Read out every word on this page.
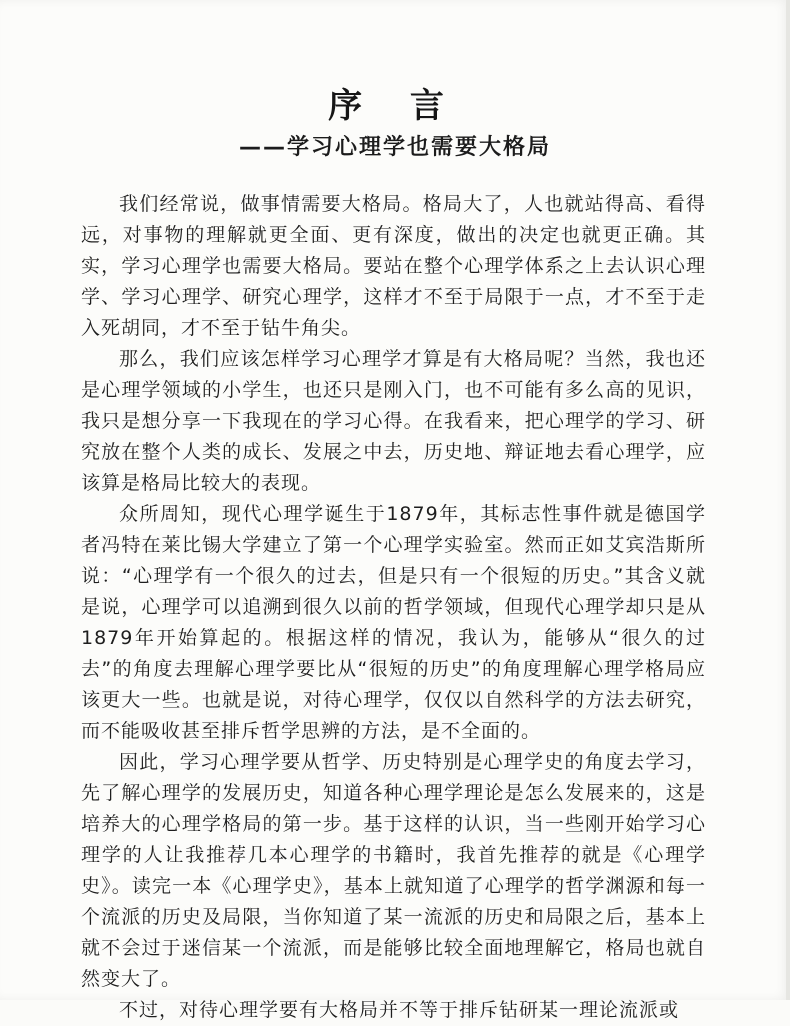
序 言
——学习心理学也需要大格局

我们经常说，做事情需要大格局。格局大了，人也就站得高、看得远，对事物的理解就更全面、更有深度，做出的决定也就更正确。其实，学习心理学也需要大格局。要站在整个心理学体系之上去认识心理学、学习心理学、研究心理学，这样才不至于局限于一点，才不至于走入死胡同，才不至于钻牛角尖。

那么，我们应该怎样学习心理学才算是有大格局呢？当然，我也还是心理学领域的小学生，也还只是刚入门，也不可能有多么高的见识，我只是想分享一下我现在的学习心得。在我看来，把心理学的学习、研究放在整个人类的成长、发展之中去，历史地、辩证地去看心理学，应该算是格局比较大的表现。

众所周知，现代心理学诞生于1879年，其标志性事件就是德国学者冯特在莱比锡大学建立了第一个心理学实验室。然而正如艾宾浩斯所说：“心理学有一个很久的过去，但是只有一个很短的历史。”其含义就是说，心理学可以追溯到很久以前的哲学领域，但现代心理学却只是从1879年开始算起的。根据这样的情况，我认为，能够从“很久的过去”的角度去理解心理学要比从“很短的历史”的角度理解心理学格局应该更大一些。也就是说，对待心理学，仅仅以自然科学的方法去研究，而不能吸收甚至排斥哲学思辨的方法，是不全面的。

因此，学习心理学要从哲学、历史特别是心理学史的角度去学习，先了解心理学的发展历史，知道各种心理学理论是怎么发展来的，这是培养大的心理学格局的第一步。基于这样的认识，当一些刚开始学习心理学的人让我推荐几本心理学的书籍时，我首先推荐的就是《心理学史》。读完一本《心理学史》，基本上就知道了心理学的哲学渊源和每一个流派的历史及局限，当你知道了某一流派的历史和局限之后，基本上就不会过于迷信某一个流派，而是能够比较全面地理解它，格局也就自然变大了。

不过，对待心理学要有大格局并不等于排斥钻研某一理论流派或
